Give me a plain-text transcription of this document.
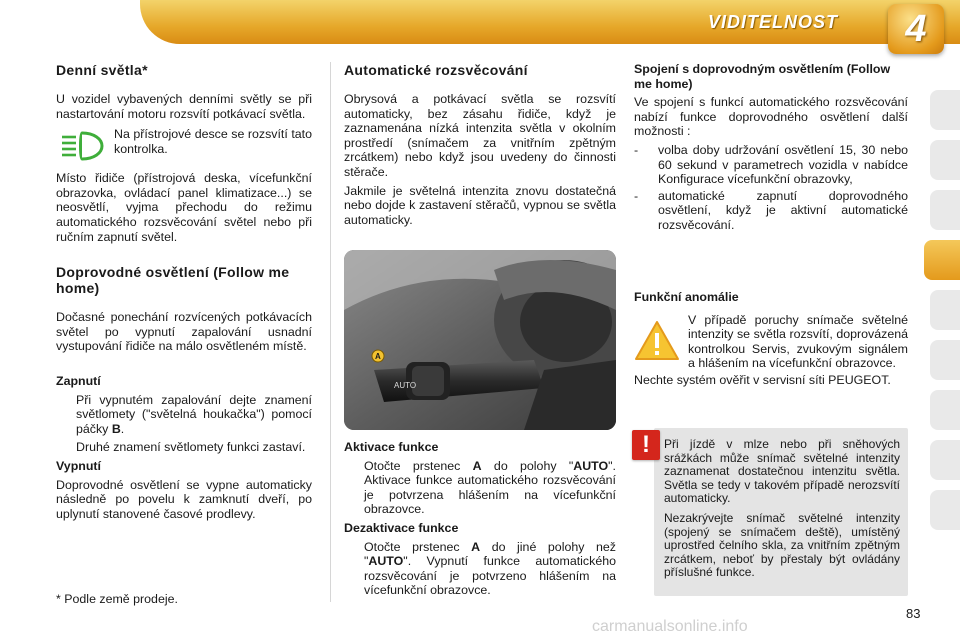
VIDITELNOST	4
Denní světla*

U vozidel vybavených denními světly se při nastartování motoru rozsvítí potkávací světla.

Na přístrojové desce se rozsvítí tato kontrolka.

Místo řidiče (přístrojová deska, vícefunkční obrazovka, ovládací panel klimatizace...) se neosvětlí, vyjma přechodu do režimu automatického rozsvěcování světel nebo při ručním zapnutí světel.

Doprovodné osvětlení (Follow me home)

Dočasné ponechání rozvícených potkávacích světel po vypnutí zapalování usnadní vystupování řidiče na málo osvětleném místě.

Zapnutí
Při vypnutém zapalování dejte znamení světlomety ("světelná houkačka") pomocí páčky B.
Druhé znamení světlomety funkci zastaví.
Vypnutí

Doprovodné osvětlení se vypne automaticky následně po povelu k zamknutí dveří, po uplynutí stanovené časové prodlevy.

* Podle země prodeje.
Automatické rozsvěcování

Obrysová a potkávací světla se rozsvítí automaticky, bez zásahu řidiče, když je zaznamenána nízká intenzita světla v okolním prostředí (snímačem za vnitřním zpětným zrcátkem) nebo když jsou uvedeny do činnosti stěrače.

Jakmile je světelná intenzita znovu dostatečná nebo dojde k zastavení stěračů, vypnou se světla automaticky.

AUTO
A
Aktivace funkce
Otočte prstenec A do polohy "AUTO". Aktivace funkce automatického rozsvěcování je potvrzena hlášením na vícefunkční obrazovce.
Dezaktivace funkce
Otočte prstenec A do jiné polohy než "AUTO". Vypnutí funkce automatického rozsvěcování je potvrzeno hlášením na vícefunkční obrazovce.
Spojení s doprovodným osvětlením (Follow me home)

Ve spojení s funkcí automatického rozsvěcování nabízí funkce doprovodného osvětlení další možnosti :

-	volba doby udržování osvětlení 15, 30 nebo 60 sekund v parametrech vozidla v nabídce Konfigurace vícefunkční obrazovky,
-	automatické zapnutí doprovodného osvětlení, když je aktivní automatické rozsvěcování.
Funkční anomálie

V případě poruchy snímače světelné intenzity se světla rozsvítí, doprovázená kontrolkou Servis, zvukovým signálem a hlášením na vícefunkční obrazovce.

Nechte systém ověřit v servisní síti PEUGEOT.

Při jízdě v mlze nebo při sněhových srážkách může snímač světelné intenzity zaznamenat dostatečnou intenzitu světla. Světla se tedy v takovém případě nerozsvítí automaticky.

Nezakrývejte snímač světelné intenzity (spojený se snímačem deště), umístěný uprostřed čelního skla, za vnitřním zpětným zrcátkem, neboť by přestaly být ovládány příslušné funkce.

!
83
carmanualsonline.info
